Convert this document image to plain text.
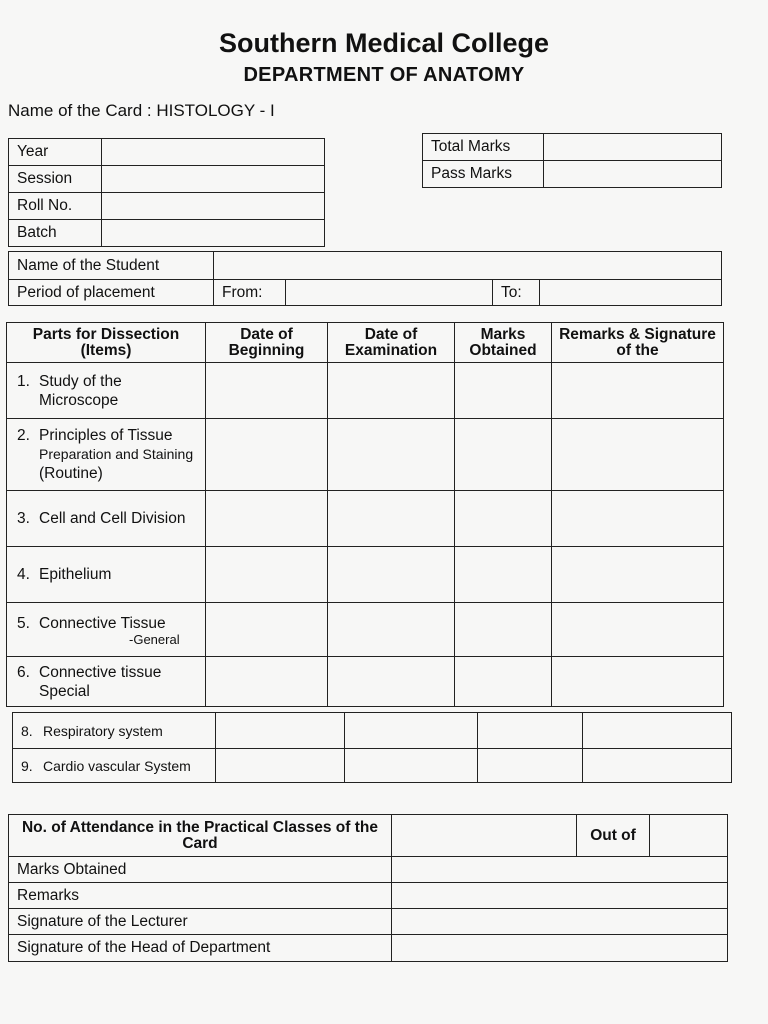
Southern Medical College
DEPARTMENT OF ANATOMY
Name of the Card : HISTOLOGY - I
Year	
Session	
Roll No.	
Batch	
Total Marks	
Pass Marks	
Name of the Student				
Period of placement	From:		To:	
Parts for Dissection (Items)	Date of Beginning	Date of Examination	Marks Obtained	Remarks & Signature of the
1. Study of the
Microscope				

2. Principles of Tissue
Preparation and Staining
(Routine)				

3. Cell and Cell Division				
4. Epithelium				
5. Connective Tissue
-General				

6. Connective tissue
Special				

8. Respiratory system				
9. Cardio vascular System				
No. of Attendance in the Practical Classes of the Card		Out of	
Marks Obtained			
Remarks			
Signature of the Lecturer			
Signature of the Head of Department			
